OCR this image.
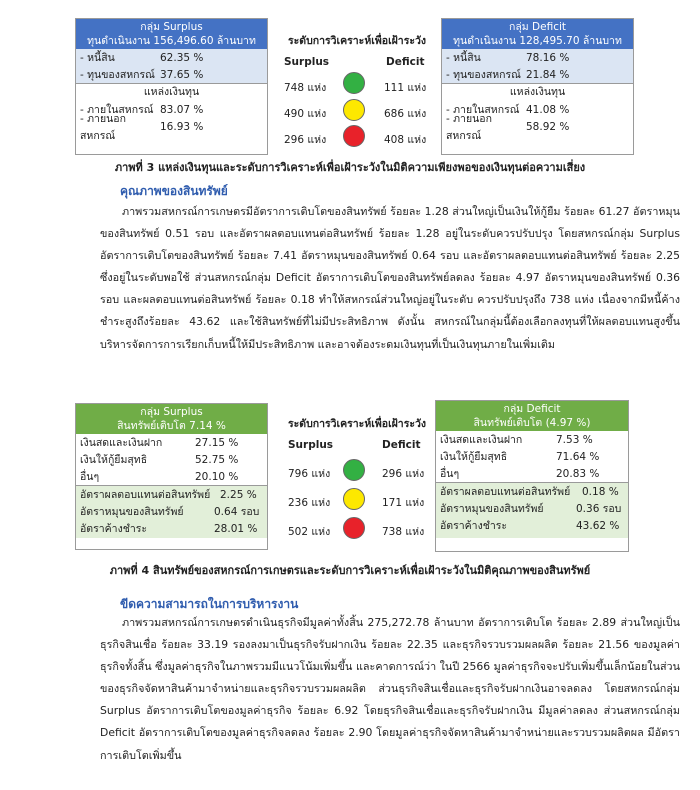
กลุ่ม Surplus
ทุนดำเนินงาน 156,496.60 ล้านบาท
- หนี้สิน	62.35 %
- ทุนของสหกรณ์ 37.65 %
แหล่งเงินทุน
- ภายในสหกรณ์ 83.07 %
- ภายนอกสหกรณ์
16.93 %
ระดับการวิเคราะห์เพื่อเฝ้าระวัง
Surplus	Deficit
748 แห่ง	111 แห่ง
490 แห่ง	686 แห่ง
296 แห่ง	408 แห่ง
กลุ่ม Deficit
ทุนดำเนินงาน 128,495.70 ล้านบาท
- หนี้สิน	78.16 %
- ทุนของสหกรณ์ 21.84 %
แหล่งเงินทุน
- ภายในสหกรณ์ 41.08 %
- ภายนอกสหกรณ์
58.92 %
ภาพที่ 3 แหล่งเงินทุนและระดับการวิเคราะห์เพื่อเฝ้าระวังในมิติความเพียงพอของเงินทุนต่อความเสี่ยง
คุณภาพของสินทรัพย์

ภาพรวมสหกรณ์การเกษตรมีอัตราการเติบโตของสินทรัพย์ ร้อยละ 1.28 ส่วนใหญ่เป็นเงินให้กู้ยืม ร้อยละ 61.27 อัตราหมุนของสินทรัพย์ 0.51 รอบ และอัตราผลตอบแทนต่อสินทรัพย์ ร้อยละ 1.28 อยู่ในระดับควรปรับปรุง โดยสหกรณ์กลุ่ม Surplus อัตราการเติบโตของสินทรัพย์ ร้อยละ 7.41 อัตราหมุนของสินทรัพย์ 0.64 รอบ และอัตราผลตอบแทนต่อสินทรัพย์ ร้อยละ 2.25 ซึ่งอยู่ในระดับพอใช้ ส่วนสหกรณ์กลุ่ม Deficit อัตราการเติบโตของสินทรัพย์ลดลง ร้อยละ 4.97 อัตราหมุนของสินทรัพย์ 0.36 รอบ และผลตอบแทนต่อสินทรัพย์ ร้อยละ 0.18 ทำให้สหกรณ์ส่วนใหญ่อยู่ในระดับ ควรปรับปรุงถึง 738 แห่ง เนื่องจากมีหนี้ค้างชำระสูงถึงร้อยละ 43.62 และใช้สินทรัพย์ที่ไม่มีประสิทธิภาพ ดังนั้น สหกรณ์ในกลุ่มนี้ต้องเลือกลงทุนที่ให้ผลตอบแทนสูงขึ้น บริหารจัดการการเรียกเก็บหนี้ให้มีประสิทธิภาพ และอาจต้องระดมเงินทุนที่เป็นเงินทุนภายในเพิ่มเติม

กลุ่ม Surplus
สินทรัพย์เติบโต 7.14 %
เงินสดและเงินฝาก	27.15 %
เงินให้กู้ยืมสุทธิ	52.75 %
อื่นๆ	20.10 %
อัตราผลตอบแทนต่อสินทรัพย์ 2.25 %
อัตราหมุนของสินทรัพย์	0.64 รอบ
อัตราค้างชำระ	28.01 %
ระดับการวิเคราะห์เพื่อเฝ้าระวัง
Surplus	Deficit
796 แห่ง	296 แห่ง
236 แห่ง	171 แห่ง
502 แห่ง	738 แห่ง
กลุ่ม Deficit
สินทรัพย์เติบโต (4.97 %)
เงินสดและเงินฝาก	7.53 %
เงินให้กู้ยืมสุทธิ	71.64 %
อื่นๆ	20.83 %
อัตราผลตอบแทนต่อสินทรัพย์	0.18 %
อัตราหมุนของสินทรัพย์	0.36 รอบ
อัตราค้างชำระ	43.62 %
ภาพที่ 4 สินทรัพย์ของสหกรณ์การเกษตรและระดับการวิเคราะห์เพื่อเฝ้าระวังในมิติคุณภาพของสินทรัพย์
ขีดความสามารถในการบริหารงาน

ภาพรวมสหกรณ์การเกษตรดำเนินธุรกิจมีมูลค่าทั้งสิ้น 275,272.78 ล้านบาท อัตราการเติบโต ร้อยละ 2.89 ส่วนใหญ่เป็นธุรกิจสินเชื่อ ร้อยละ 33.19 รองลงมาเป็นธุรกิจรับฝากเงิน ร้อยละ 22.35 และธุรกิจรวบรวมผลผลิต ร้อยละ 21.56 ของมูลค่าธุรกิจทั้งสิ้น ซึ่งมูลค่าธุรกิจในภาพรวมมีแนวโน้มเพิ่มขึ้น และคาดการณ์ว่า ในปี 2566 มูลค่าธุรกิจจะปรับเพิ่มขึ้นเล็กน้อยในส่วนของธุรกิจจัดหาสินค้ามาจำหน่ายและธุรกิจรวบรวมผลผลิต ส่วนธุรกิจสินเชื่อและธุรกิจรับฝากเงินอาจลดลง โดยสหกรณ์กลุ่ม Surplus อัตราการเติบโตของมูลค่าธุรกิจ ร้อยละ 6.92 โดยธุรกิจสินเชื่อและธุรกิจรับฝากเงิน มีมูลค่าลดลง ส่วนสหกรณ์กลุ่ม Deficit อัตราการเติบโตของมูลค่าธุรกิจลดลง ร้อยละ 2.90 โดยมูลค่าธุรกิจจัดหาสินค้ามาจำหน่ายและรวบรวมผลิตผล มีอัตราการเติบโตเพิ่มขึ้น
